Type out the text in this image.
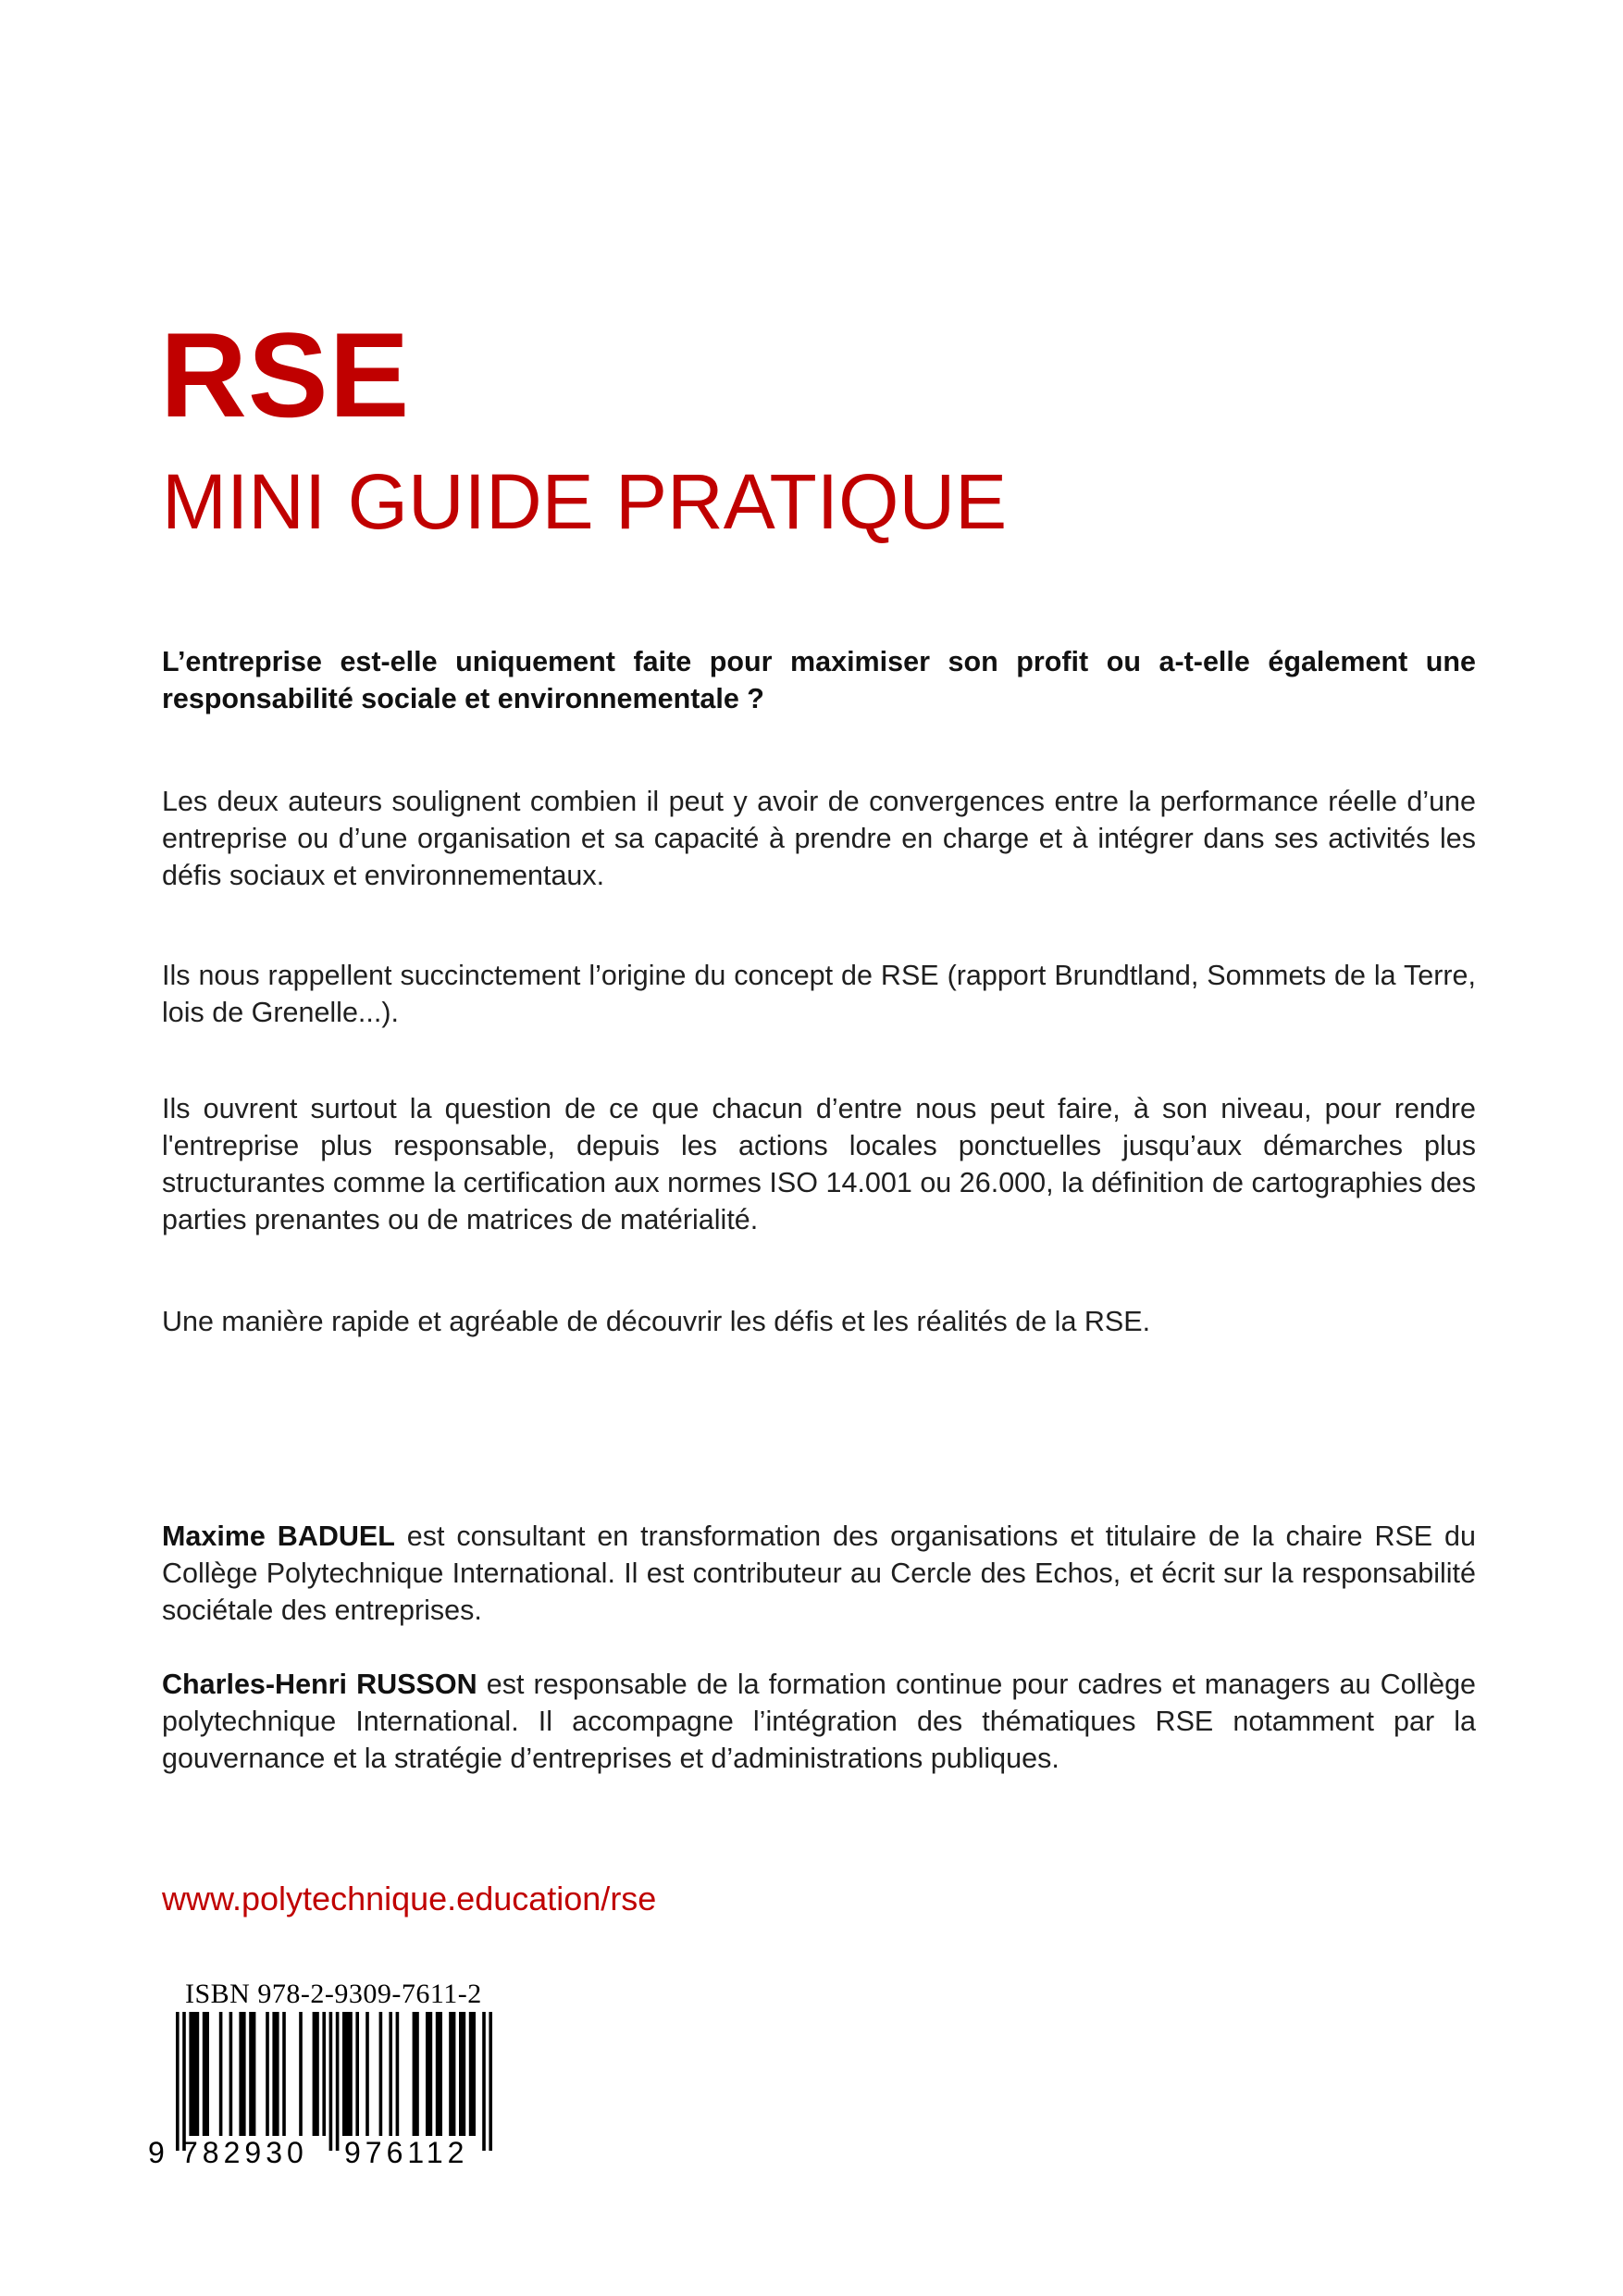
RSE
MINI GUIDE PRATIQUE

L’entreprise est-elle uniquement faite pour maximiser son profit ou a-t-elle également une responsabilité sociale et environnementale ?

Les deux auteurs soulignent combien il peut y avoir de convergences entre la performance réelle d’une entreprise ou d’une organisation et sa capacité à prendre en charge et à intégrer dans ses activités les défis sociaux et environnementaux.

Ils nous rappellent succinctement l’origine du concept de RSE (rapport Brundtland, Sommets de la Terre, lois de Grenelle...).

Ils ouvrent surtout la question de ce que chacun d’entre nous peut faire, à son niveau, pour rendre l'entreprise plus responsable, depuis les actions locales ponctuelles jusqu’aux démarches plus structurantes comme la certification aux normes ISO 14.001 ou 26.000, la définition de cartographies des parties prenantes ou de matrices de matérialité.

Une manière rapide et agréable de découvrir les défis et les réalités de la RSE.

Maxime BADUEL est consultant en transformation des organisations et titulaire de la chaire RSE du Collège Polytechnique International. Il est contributeur au Cercle des Echos, et écrit sur la responsabilité sociétale des entreprises.

Charles-Henri RUSSON est responsable de la formation continue pour cadres et managers au Collège polytechnique International. Il accompagne l’intégration des thématiques RSE notamment par la gouvernance et la stratégie d’entreprises et d’administrations publiques.

www.polytechnique.education/rse

ISBN 978-2-9309-7611-2

9 782930 976112
